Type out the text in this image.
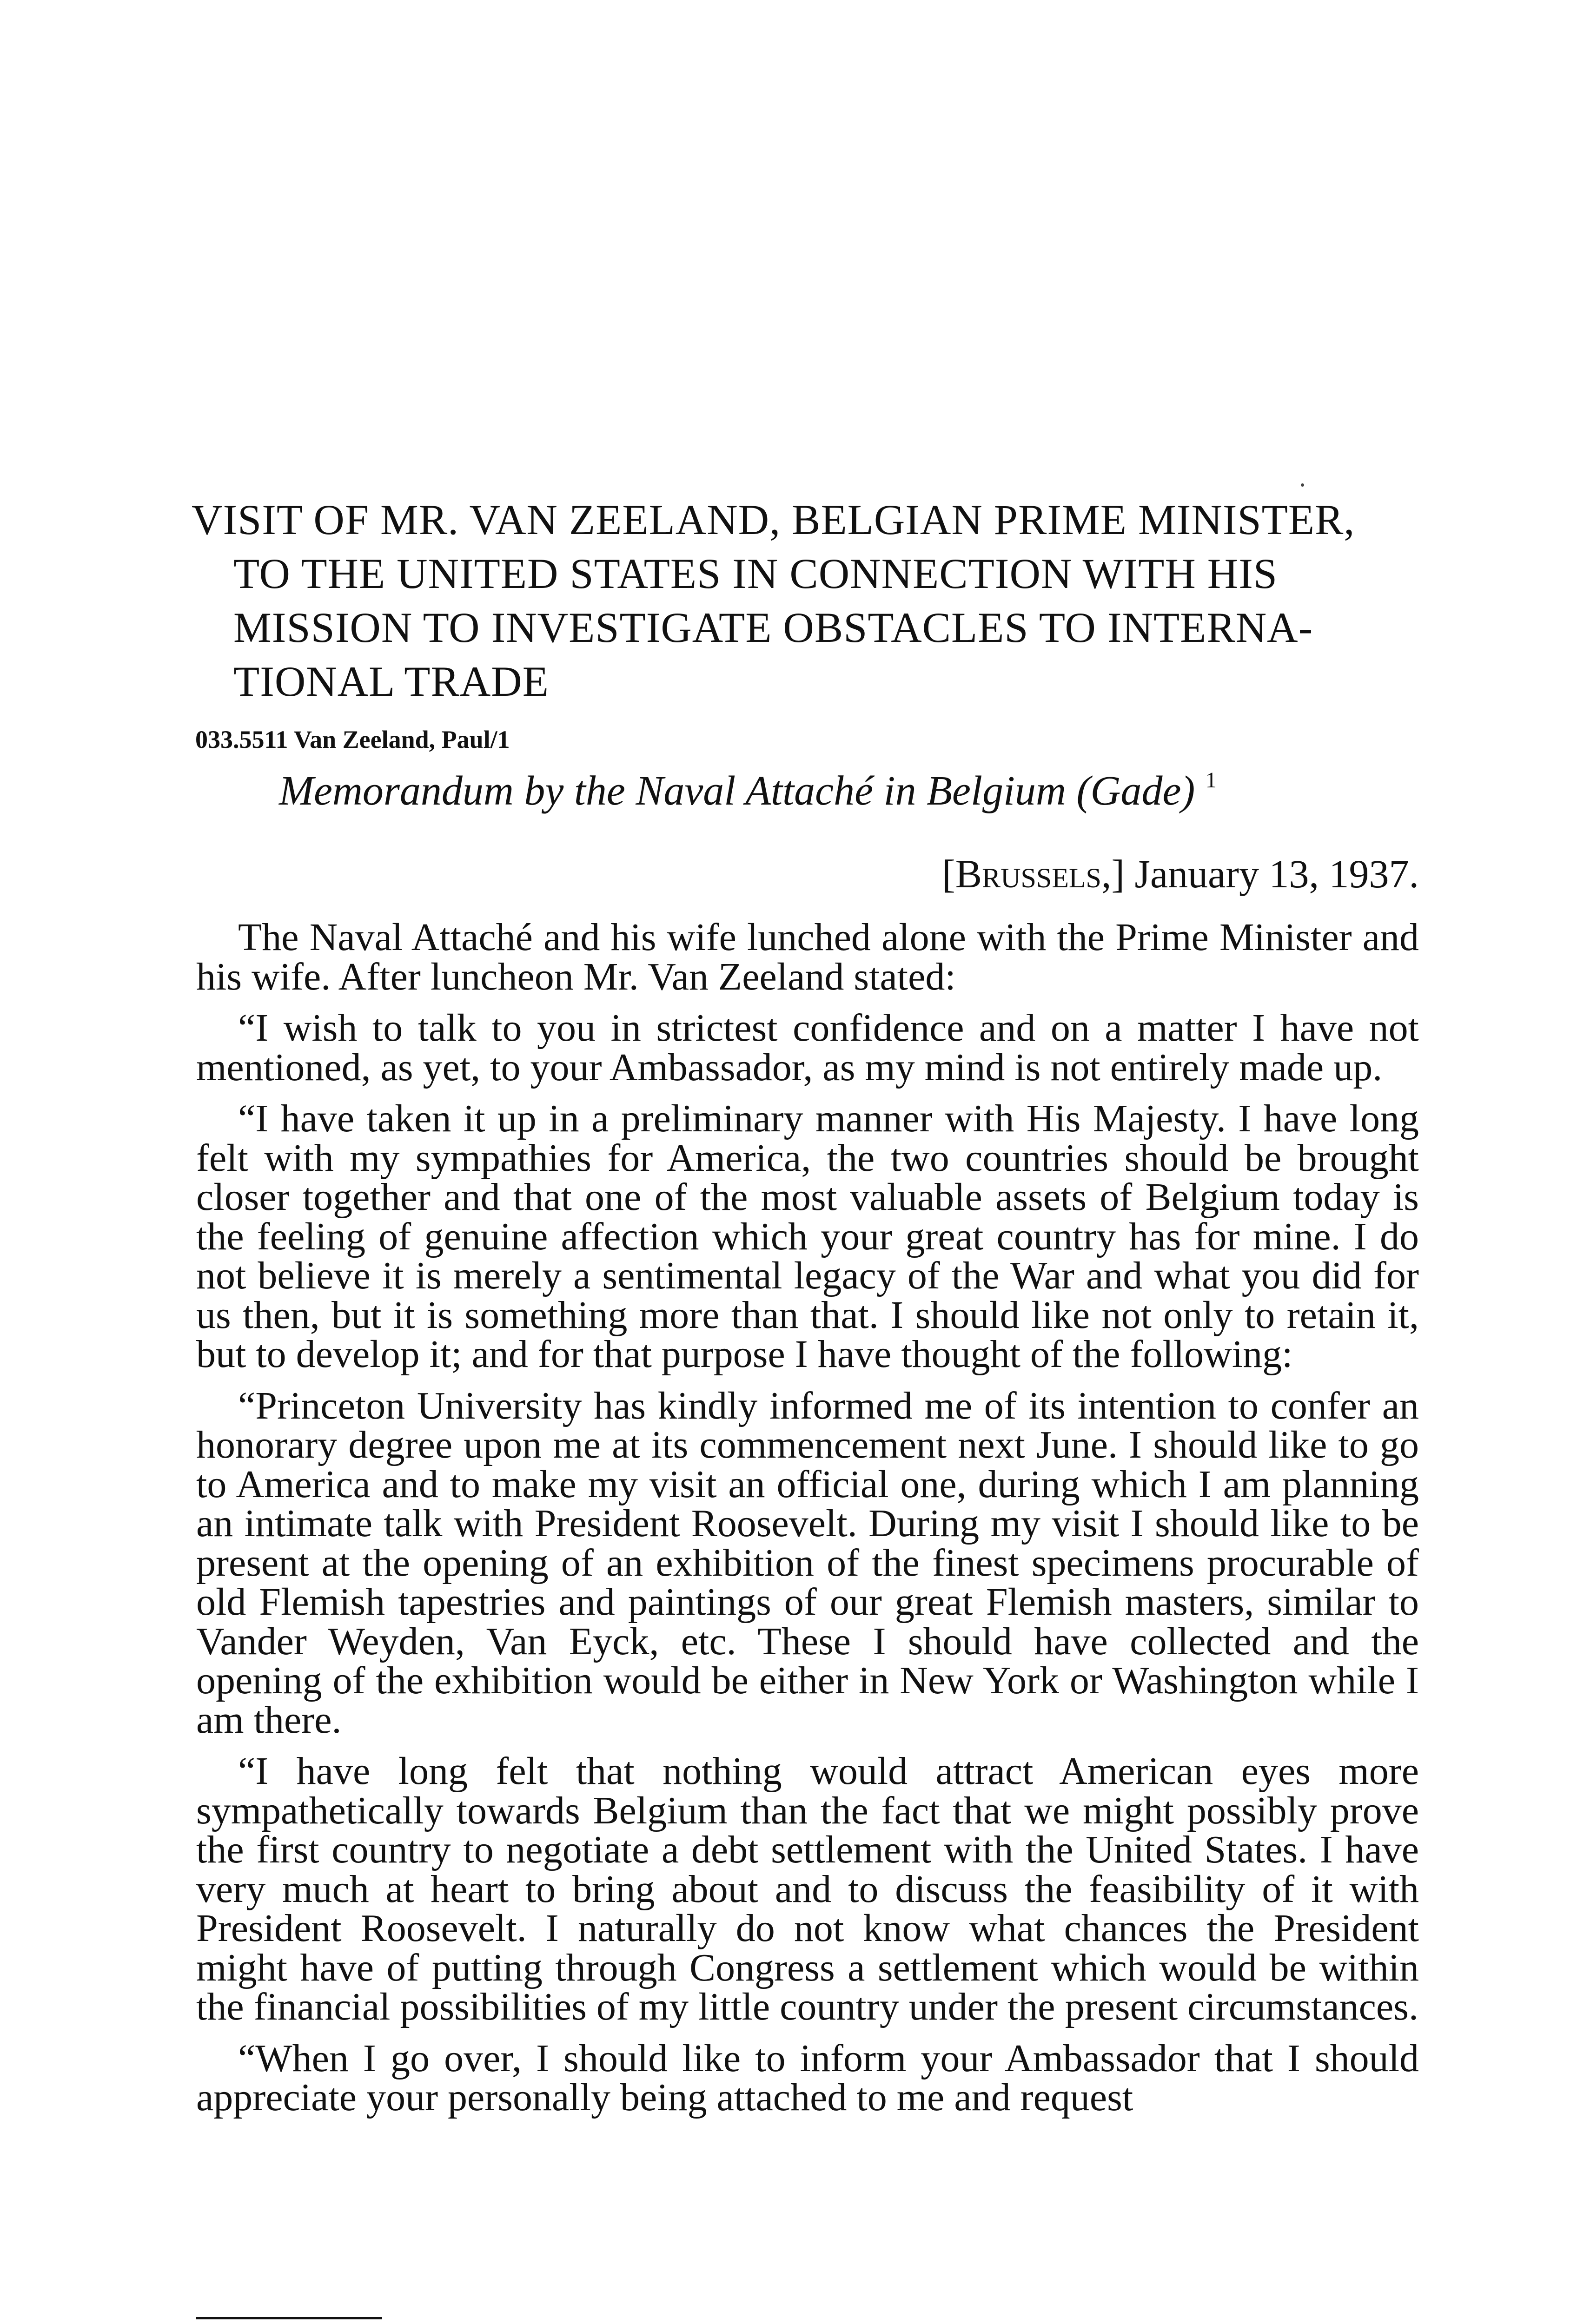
VISIT OF MR. VAN ZEELAND, BELGIAN PRIME MINISTER,
TO THE UNITED STATES IN CONNECTION WITH HIS
MISSION TO INVESTIGATE OBSTACLES TO INTERNA-
TIONAL TRADE

033.5511 Van Zeeland, Paul/1

Memorandum by the Naval Attaché in Belgium (Gade) $^1$

[Brussels,] January 13, 1937.

The Naval Attaché and his wife lunched alone with the Prime Minister and his wife. After luncheon Mr. Van Zeeland stated:

“I wish to talk to you in strictest confidence and on a matter I have not mentioned, as yet, to your Ambassador, as my mind is not entirely made up.

“I have taken it up in a preliminary manner with His Majesty. I have long felt with my sympathies for America, the two countries should be brought closer together and that one of the most valuable assets of Belgium today is the feeling of genuine affection which your great country has for mine. I do not believe it is merely a sentimental legacy of the War and what you did for us then, but it is something more than that. I should like not only to retain it, but to develop it; and for that purpose I have thought of the following:

“Princeton University has kindly informed me of its intention to confer an honorary degree upon me at its commencement next June. I should like to go to America and to make my visit an official one, during which I am planning an intimate talk with President Roosevelt. During my visit I should like to be present at the opening of an exhibition of the finest specimens procurable of old Flemish tapestries and paintings of our great Flemish masters, similar to Vander Weyden, Van Eyck, etc. These I should have collected and the opening of the exhibition would be either in New York or Washington while I am there.

“I have long felt that nothing would attract American eyes more sympathetically towards Belgium than the fact that we might possibly prove the first country to negotiate a debt settlement with the United States. I have very much at heart to bring about and to discuss the feasibility of it with President Roosevelt. I naturally do not know what chances the President might have of putting through Congress a settlement which would be within the financial possibilities of my little country under the present circumstances.

“When I go over, I should like to inform your Ambassador that I should appreciate your personally being attached to me and request
